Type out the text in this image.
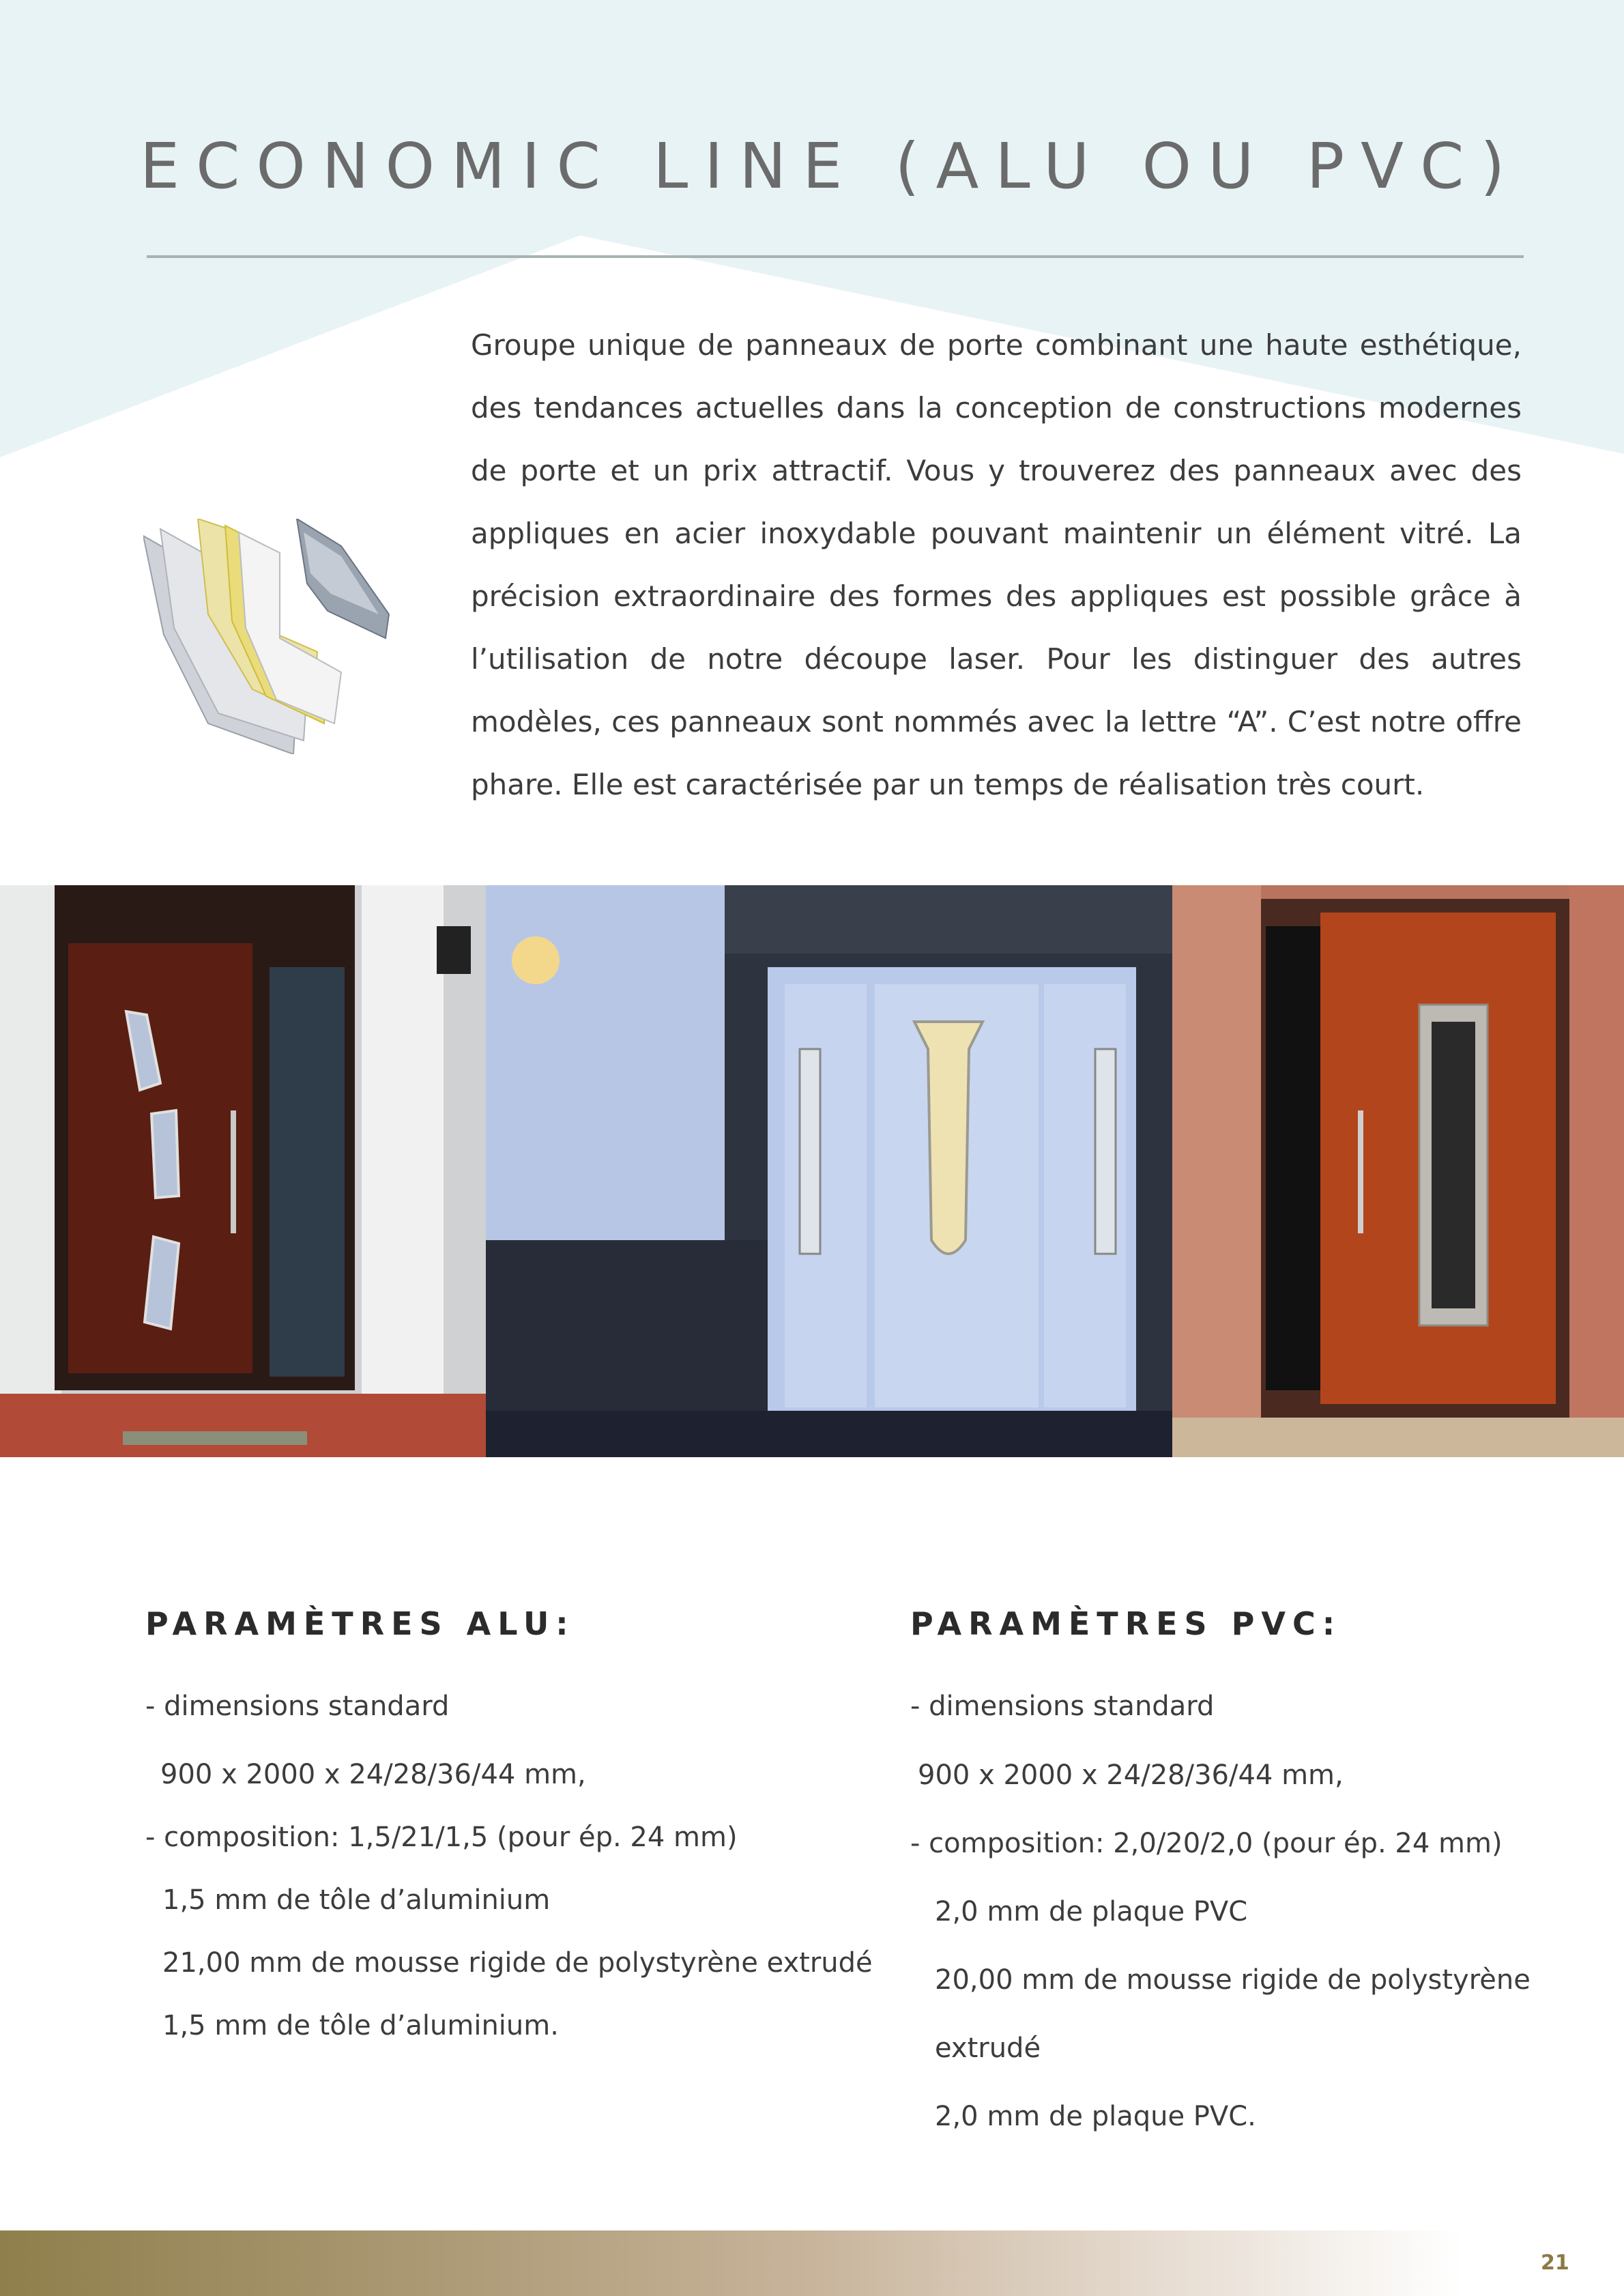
ECONOMIC LINE (ALU OU PVC)

Groupe unique de panneaux de porte combinant une haute esthétique, des tendances actuelles dans la conception de constructions modernes de porte et un prix attractif. Vous y trouverez des panneaux avec des appliques en acier inoxydable pouvant maintenir un élément vitré. La précision extraordinaire des formes des appliques est possible grâce à l’utilisation de notre découpe laser. Pour les distinguer des autres modèles, ces panneaux sont nommés avec la lettre “A”. C’est notre offre phare. Elle est caractérisée par un temps de réalisation très court.

PARAMÈTRES ALU:

- dimensions standard

900 x 2000 x 24/28/36/44 mm,

- composition: 1,5/21/1,5 (pour ép. 24 mm)

1,5 mm de tôle d’aluminium

21,00 mm de mousse rigide de polystyrène extrudé

1,5 mm de tôle d’aluminium.

PARAMÈTRES PVC:

- dimensions standard

900 x 2000 x 24/28/36/44 mm,

- composition: 2,0/20/2,0 (pour ép. 24 mm)

2,0 mm de plaque PVC

20,00 mm de mousse rigide de polystyrène

extrudé

2,0 mm de plaque PVC.

21
